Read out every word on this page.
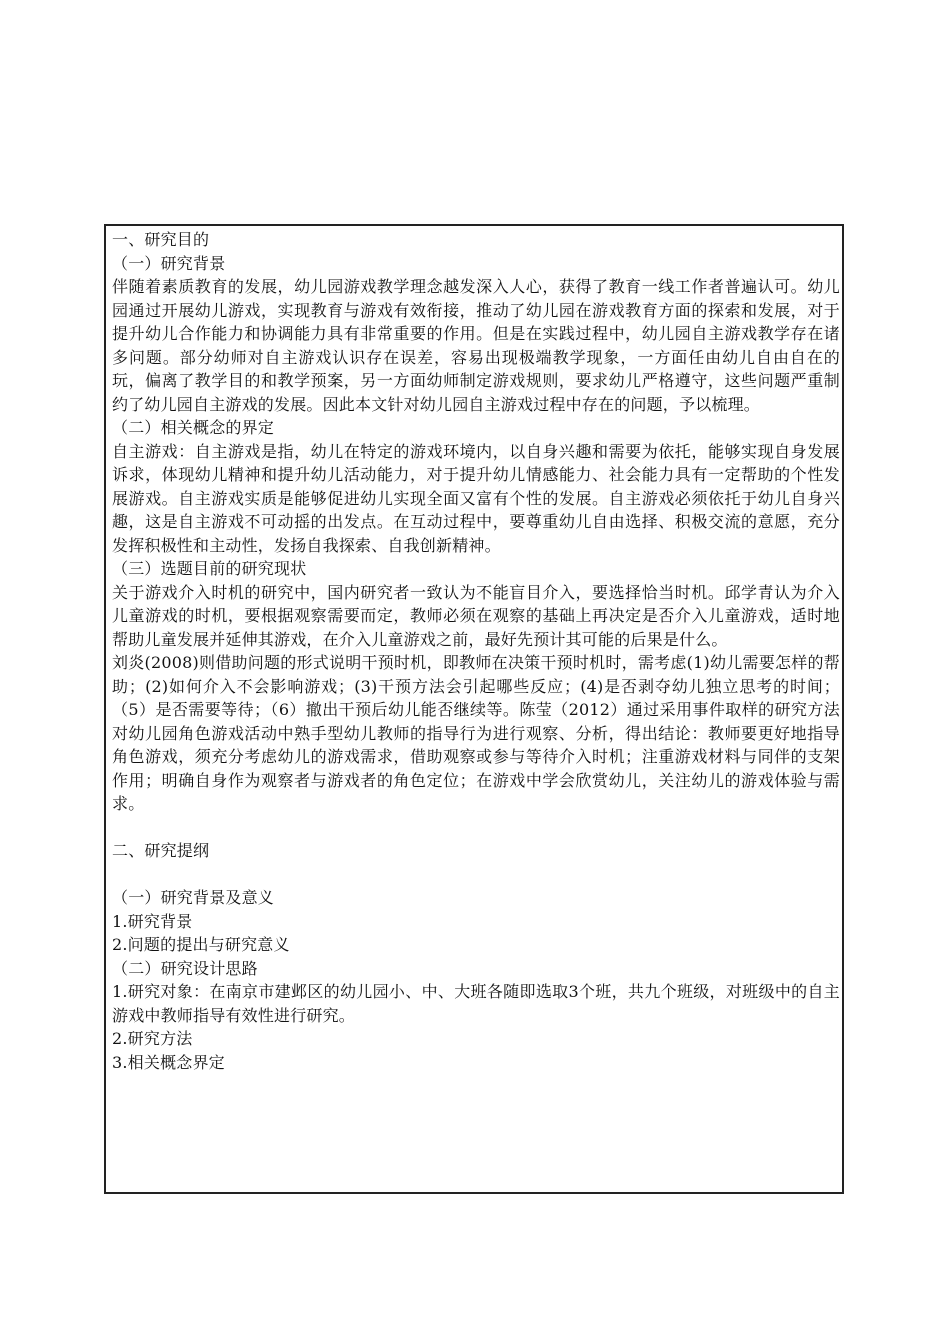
一、研究目的

（一）研究背景

伴随着素质教育的发展，幼儿园游戏教学理念越发深入人心，获得了教育一线工作者普遍认可。幼儿园通过开展幼儿游戏，实现教育与游戏有效衔接，推动了幼儿园在游戏教育方面的探索和发展，对于提升幼儿合作能力和协调能力具有非常重要的作用。但是在实践过程中，幼儿园自主游戏教学存在诸多问题。部分幼师对自主游戏认识存在误差，容易出现极端教学现象，一方面任由幼儿自由自在的玩，偏离了教学目的和教学预案，另一方面幼师制定游戏规则，要求幼儿严格遵守，这些问题严重制约了幼儿园自主游戏的发展。因此本文针对幼儿园自主游戏过程中存在的问题，予以梳理。

（二）相关概念的界定

自主游戏：自主游戏是指，幼儿在特定的游戏环境内，以自身兴趣和需要为依托，能够实现自身发展诉求，体现幼儿精神和提升幼儿活动能力，对于提升幼儿情感能力、社会能力具有一定帮助的个性发展游戏。自主游戏实质是能够促进幼儿实现全面又富有个性的发展。自主游戏必须依托于幼儿自身兴趣，这是自主游戏不可动摇的出发点。在互动过程中，要尊重幼儿自由选择、积极交流的意愿，充分发挥积极性和主动性，发扬自我探索、自我创新精神。

（三）选题目前的研究现状

关于游戏介入时机的研究中，国内研究者一致认为不能盲目介入，要选择恰当时机。邱学青认为介入儿童游戏的时机，要根据观察需要而定，教师必须在观察的基础上再决定是否介入儿童游戏，适时地帮助儿童发展并延伸其游戏，在介入儿童游戏之前，最好先预计其可能的后果是什么。

刘炎(2008)则借助问题的形式说明干预时机，即教师在决策干预时机时，需考虑(1)幼儿需要怎样的帮助；(2)如何介入不会影响游戏；(3)干预方法会引起哪些反应；(4)是否剥夺幼儿独立思考的时间；（5）是否需要等待；（6）撤出干预后幼儿能否继续等。陈莹（2012）通过采用事件取样的研究方法对幼儿园角色游戏活动中熟手型幼儿教师的指导行为进行观察、分析，得出结论：教师要更好地指导角色游戏，须充分考虑幼儿的游戏需求，借助观察或参与等待介入时机；注重游戏材料与同伴的支架作用；明确自身作为观察者与游戏者的角色定位；在游戏中学会欣赏幼儿，关注幼儿的游戏体验与需求。

二、研究提纲

（一）研究背景及意义

1.研究背景

2.问题的提出与研究意义

（二）研究设计思路

1.研究对象：在南京市建邺区的幼儿园小、中、大班各随即选取3个班，共九个班级，对班级中的自主游戏中教师指导有效性进行研究。

2.研究方法

3.相关概念界定
